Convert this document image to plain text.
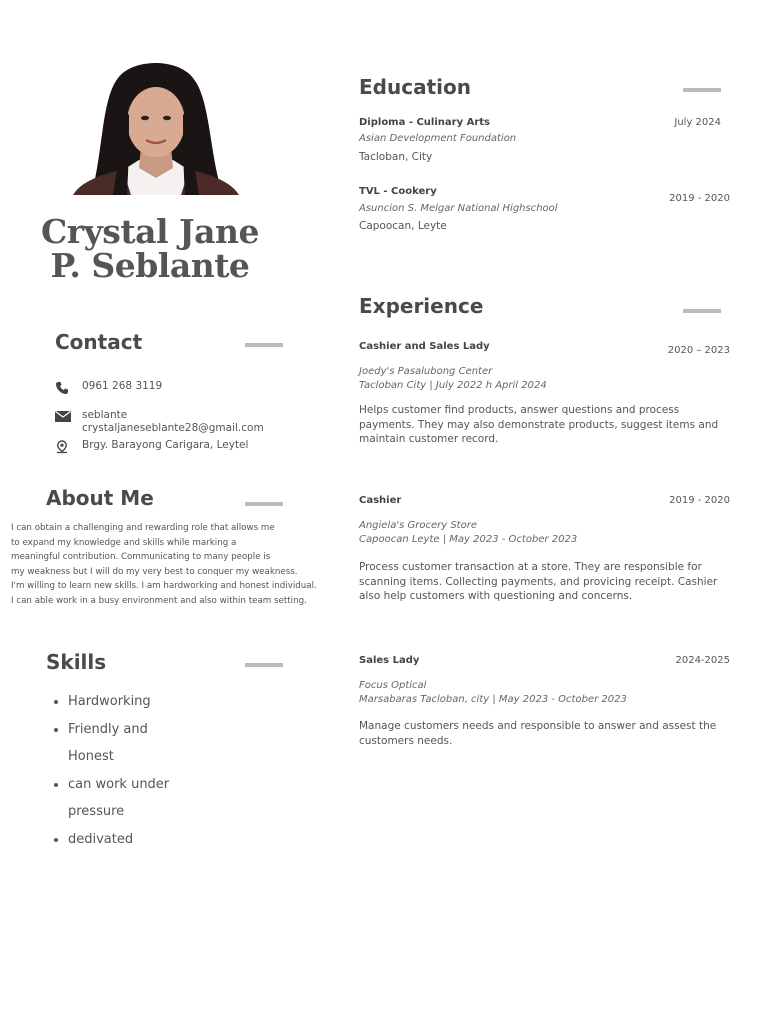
Crystal Jane
P. Seblante
Contact
0961 268 3119
seblante
crystaljaneseblante28@gmail.com
Brgy. Barayong Carigara, Leytel
About Me
I can obtain a challenging and rewarding role that allows me
to expand my knowledge and skills while marking a
meaningful contribution. Communicating to many people is
my weakness but I will do my very best to conquer my weakness.
I'm willing to learn new skills. I am hardworking and honest individual.
I can able work in a busy environment and also within team setting.
Skills
• Hardworking
• Friendly and
Honest
• can work under
pressure
• dedivated
Education
Diploma - Culinary Arts	July 2024
Asian Development Foundation
Tacloban, City
TVL - Cookery
2019 - 2020
Asuncion S. Melgar National Highschool
Capoocan, Leyte
Experience
Cashier and Sales Lady	2020 – 2023
Joedy's Pasalubong Center
Tacloban City | July 2022 h April 2024
Helps customer find products, answer questions and process payments. They may also demonstrate products, suggest items and maintain customer record.
Cashier	2019 - 2020
Angiela's Grocery Store
Capoocan Leyte | May 2023 - October 2023
Process customer transaction at a store. They are responsible for scanning items. Collecting payments, and provicing receipt. Cashier also help customers with questioning and concerns.
Sales Lady	2024-2025
Focus Optical
Marsabaras Tacloban, city | May 2023 - October 2023
Manage customers needs and responsible to answer and assest the customers needs.
